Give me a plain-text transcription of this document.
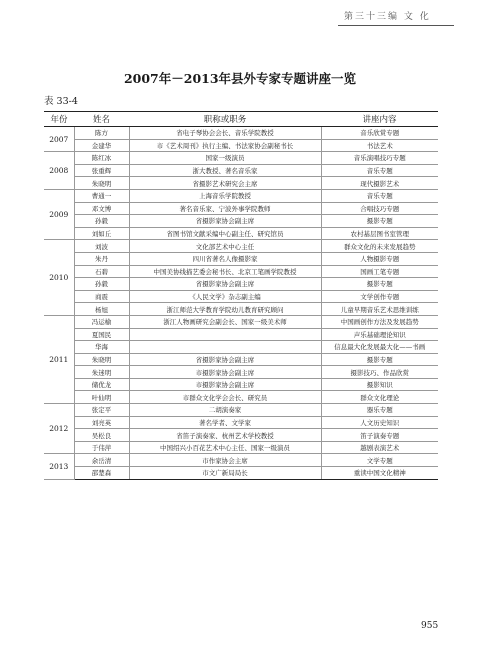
第三十三编 文 化
2007年－2013年县外专家专题讲座一览
表 33-4
年份	姓名	职称或职务	讲座内容
2007	陈方	省电子琴协会会长、音乐学院教授	音乐欣赏专题
	金建华	市《艺术周刊》执行主编、书法家协会副秘书长	书法艺术
2008	陈红冰	国家一级演员	音乐演唱技巧专题
	张重辉	浙大教授、著名音乐家	音乐专题
	朱晓明	省摄影艺术研究会主席	现代摄影艺术
2009	曹通一	上海音乐学院教授	音乐专题
	邓文博	著名音乐家、宁波外事学院教师	合唱技巧专题
	孙毅	省摄影家协会副主席	摄影专题
	刘如丘	省图书馆文献采编中心副主任、研究馆员	农村基层图书室管理
2010	刘波	文化部艺术中心主任	群众文化的未来发展趋势
	朱丹	四川省著名人像摄影家	人物摄影专题
	石碧	中国美协线描艺委会秘书长、北京工笔画学院教授	国画工笔专题
	孙毅	省摄影家协会副主席	摄影专题
	商震	《人民文学》杂志副主编	文学创作专题
	杨旭	浙江师范大学教育学院幼儿教育研究顾问	儿童早期音乐艺术思维训练
2011	冯运榆	浙江人物画研究会副会长、国家一级美术师	中国画创作方法及发展趋势
	夏国民		声乐基础理论知识
	华海		信息最大化发展最大化——书画
	朱晓明	省摄影家协会副主席	摄影专题
	朱迷明	市摄影家协会副主席	摄影技巧、作品欣赏
	储优龙	市摄影家协会副主席	摄影知识
	叶仙明	市群众文化学会会长、研究员	群众文化理论
2012	张定平	二胡演奏家	器乐专题
	刘亮英	著名学者、文学家	人文历史知识
	吴松良	省笛子演奏家、杭州艺术学校教授	笛子演奏专题
	于伟萍	中国绍兴小百花艺术中心主任、国家一级演员	越剧表演艺术
2013	余岳清	市作家协会主席	文学专题
	邵楚森	市文广新局局长	重读中国文化精神
955
